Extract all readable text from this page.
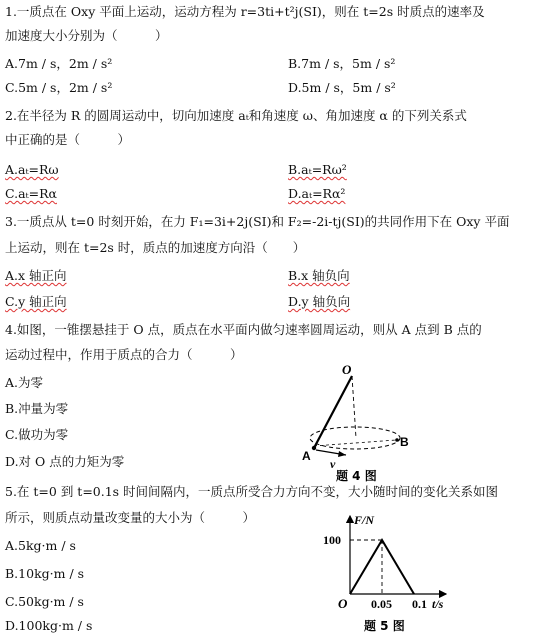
1.一质点在 Oxy 平面上运动，运动方程为 r=3ti+t²j(SI)，则在 t=2s 时质点的速率及
加速度大小分别为（　　　）
A.7m / s，2m / s²	B.7m / s，5m / s²
C.5m / s，2m / s²	D.5m / s，5m / s²
2.在半径为 R 的圆周运动中，切向加速度 aₜ和角速度 ω、角加速度 α 的下列关系式
中正确的是（　　　）
A.aₜ=Rω	B.aₜ=Rω²
C.aₜ=Rα	D.aₜ=Rα²
3.一质点从 t=0 时刻开始，在力 F₁=3i+2j(SI)和 F₂=-2i-tj(SI)的共同作用下在 Oxy 平面
上运动，则在 t=2s 时，质点的加速度方向沿（　　）
A.x 轴正向	B.x 轴负向
C.y 轴正向	D.y 轴负向
4.如图，一锥摆悬挂于 O 点，质点在水平面内做匀速率圆周运动，则从 A 点到 B 点的
运动过程中，作用于质点的合力（　　　）
A.为零
B.冲量为零
C.做功为零
D.对 O 点的力矩为零
O
A
B
v
题 4 图
5.在 t=0 到 t=0.1s 时间间隔内，一质点所受合力方向不变，大小随时间的变化关系如图
所示，则质点动量改变量的大小为（　　　）
A.5kg·m / s
B.10kg·m / s
C.50kg·m / s
D.100kg·m / s
F/N
t/s
O
100
0.05 0.1
题 5 图
